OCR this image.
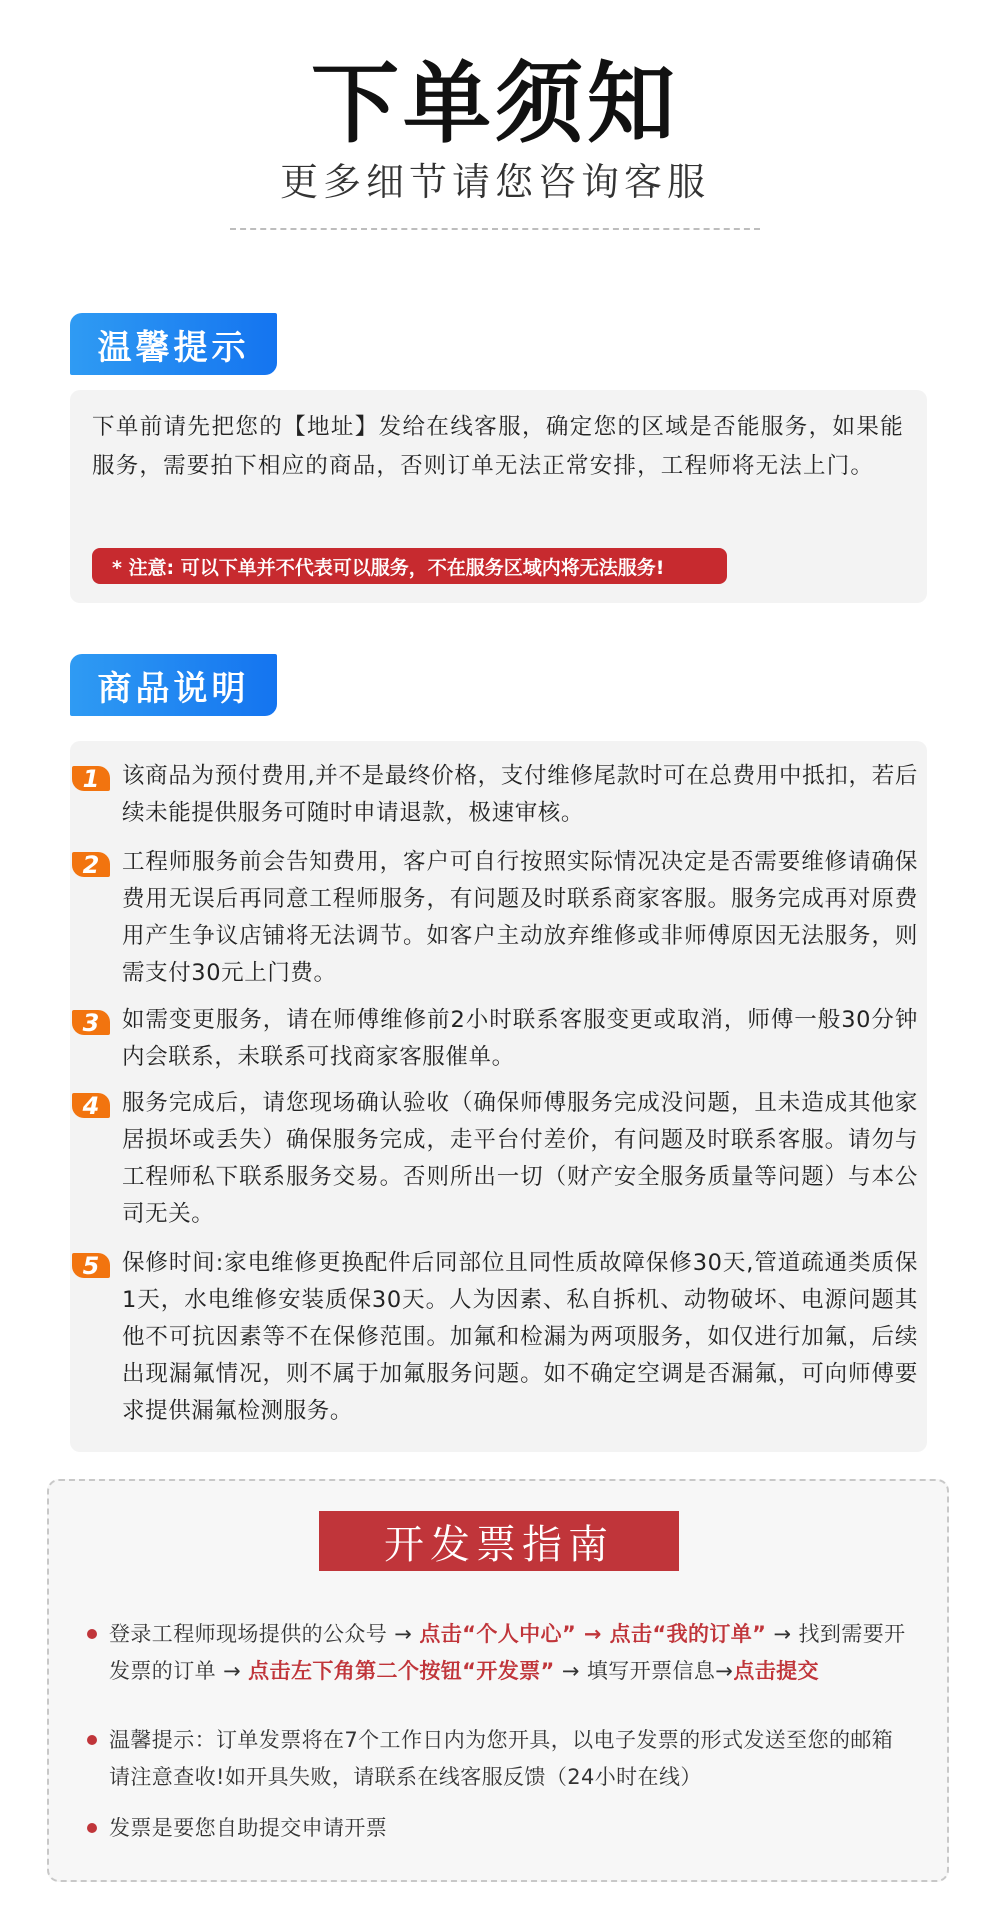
下单须知
更多细节请您咨询客服
温馨提示
下单前请先把您的【地址】发给在线客服，确定您的区域是否能服务，如果能服务，需要拍下相应的商品，否则订单无法正常安排，工程师将无法上门。
* 注意: 可以下单并不代表可以服务，不在服务区域内将无法服务!
商品说明
1	该商品为预付费用,并不是最终价格，支付维修尾款时可在总费用中抵扣，若后续未能提供服务可随时申请退款，极速审核。
2	工程师服务前会告知费用，客户可自行按照实际情况决定是否需要维修请确保费用无误后再同意工程师服务，有问题及时联系商家客服。服务完成再对原费用产生争议店铺将无法调节。如客户主动放弃维修或非师傅原因无法服务，则需支付30元上门费。
3	如需变更服务，请在师傅维修前2小时联系客服变更或取消，师傅一般30分钟内会联系，未联系可找商家客服催单。
4	服务完成后，请您现场确认验收（确保师傅服务完成没问题，且未造成其他家居损坏或丢失）确保服务完成，走平台付差价，有问题及时联系客服。请勿与工程师私下联系服务交易。否则所出一切（财产安全服务质量等问题）与本公司无关。
5	保修时间:家电维修更换配件后同部位且同性质故障保修30天,管道疏通类质保1天，水电维修安装质保30天。人为因素、私自拆机、动物破坏、电源问题其他不可抗因素等不在保修范围。加氟和检漏为两项服务，如仅进行加氟，后续出现漏氟情况，则不属于加氟服务问题。如不确定空调是否漏氟，可向师傅要求提供漏氟检测服务。
开发票指南
登录工程师现场提供的公众号 → 点击“个人中心” → 点击“我的订单” → 找到需要开发票的订单 → 点击左下角第二个按钮“开发票” → 填写开票信息→点击提交
温馨提示：订单发票将在7个工作日内为您开具，以电子发票的形式发送至您的邮箱请注意查收!如开具失败，请联系在线客服反馈（24小时在线）
发票是要您自助提交申请开票
